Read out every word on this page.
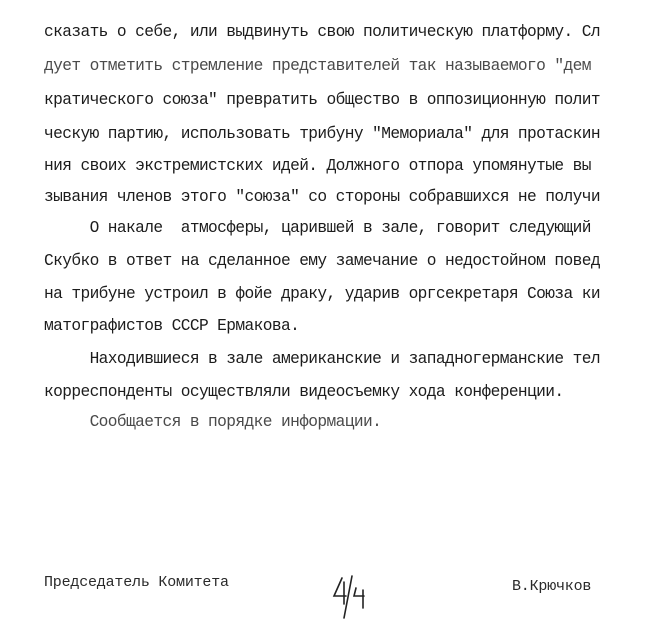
сказать о себе, или выдвинуть свою политическую платформу. Сл
дует отметить стремление представителей так называемого "дем
кратического союза" превратить общество в оппозиционную полит
ческую партию, использовать трибуну "Мемориала" для протаскин
ния своих экстремистских идей. Должного отпора упомянутые вы
зывания членов этого "союза" со стороны собравшихся не получи
О накале  атмосферы, царившей в зале, говорит следующий
Скубко в ответ на сделанное ему замечание о недостойном повед
на трибуне устроил в фойе драку, ударив оргсекретаря Союза ки
матографистов СССР Ермакова.
Находившиеся в зале американские и западногерманские тел
корреспонденты осуществляли видеосъемку хода конференции.
Сообщается в порядке информации.
Председатель Комитета	В.Крючков
